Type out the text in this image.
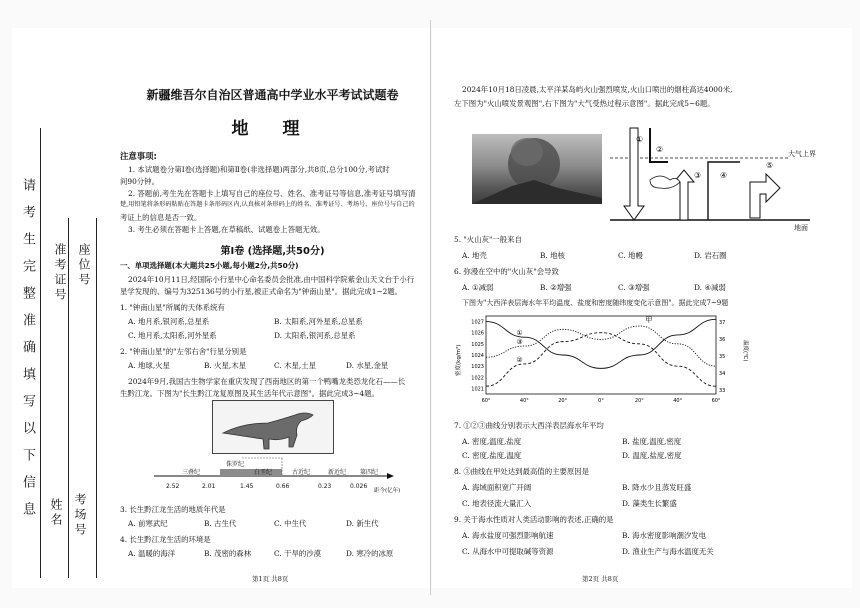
请考生完整准确填写以下信息 姓名 考场号
准考证号 座位号
新疆维吾尔自治区普通高中学业水平考试试题卷
地 理
注意事项:
1. 本试题卷分第Ⅰ卷(选择题)和第Ⅱ卷(非选择题)两部分,共8页,总分100分,考试时
间90分钟。
2. 答题前,考生先在答题卡上填写自己的座位号、姓名、准考证号等信息,准考证号填写清
楚,用铅笔将条形码粘贴在答题卡条形码区内,认真核对条形码上的姓名、准考证号、考场号、座位号与自己的
考证上的信息是否一致。
3. 考生必须在答题卡上答题,在草稿纸、试题卷上答题无效。
第Ⅰ卷 (选择题,共50分)
一、单项选择题(本大题共25小题,每小题2分,共50分)
2024年10月11日,经国际小行星中心命名委员会批准,由中国科学院紫金山天文台于小行
星学发现的、编号为325136号的小行星,被正式命名为"钟南山星"。据此完成1~2题。
1. "钟南山星"所属的天体系统有
A. 地月系,银河系,总星系	B. 太阳系,河外星系,总星系
C. 地月系,太阳系,河外星系	D. 太阳系,银河系,总星系
2. "钟南山星"的"左邻右舍"行星分别是
A. 地球,火星	B. 火星,木星	C. 木星,土星	D. 水星,金星
2024年9月,我国古生物学家在重庆发现了西南地区的第一个鸭嘴龙类恐龙化石——长
生黔江龙。下图为"长生黔江龙复原图及其生活年代示意图"。据此完成3~4题。
三叠纪
侏罗纪
白垩纪	古近纪	新近纪 第四纪
2.52	2.01	1.45	0.66	0.23	0.026
距今(亿年)
3. 长生黔江龙生活的地质年代是
A. 前寒武纪	B. 古生代	C. 中生代	D. 新生代
4. 长生黔江龙生活的环境是
A. 温暖的海洋	B. 茂密的森林	C. 干旱的沙漠	D. 寒冷的冰原
第1页 共8页
2024年10月18日凌晨,太平洋某岛屿火山强烈喷发,火山口喷出的烟柱高达4000米,
左下图为"火山喷发景观图",右下图为"大气受热过程示意图"。据此完成5~6题。
大气上界
地面
①
②
③ ④
⑤
5. "火山灰"一般来自
A. 地壳	B. 地核	C. 地幔	D. 岩石圈
6. 弥漫在空中的"火山灰"会导致
A. ①减弱	B. ②增强	C. ③增强	D. ④减弱
下图为"大西洋表层海水年平均温度、盐度和密度随纬度变化示意图"。据此完成7~9题
密度(kg/m³)	温度(℃)
1027
1026
1025
1024
1023
1022
1021
37
36
35
34
33
60°	40°	20°	0°	20°	40°	60°
①
②
③
甲
7. ①②③曲线分别表示大西洋表层海水年平均
A. 密度,温度,盐度	B. 盐度,温度,密度
C. 密度,盐度,温度	D. 温度,盐度,密度
8. ③曲线在甲处达到最高值的主要原因是
A. 海域面积宽广开阔	B. 降水少且蒸发旺盛
C. 地表径流大量汇入	D. 藻类生长繁盛
9. 关于海水性质对人类活动影响的表述,正确的是
A. 海水盐度可强烈影响航速	B. 海水密度影响潮汐发电
C. 从海水中可提取碱等资源	D. 渔业生产与海水温度无关
第2页 共8页
